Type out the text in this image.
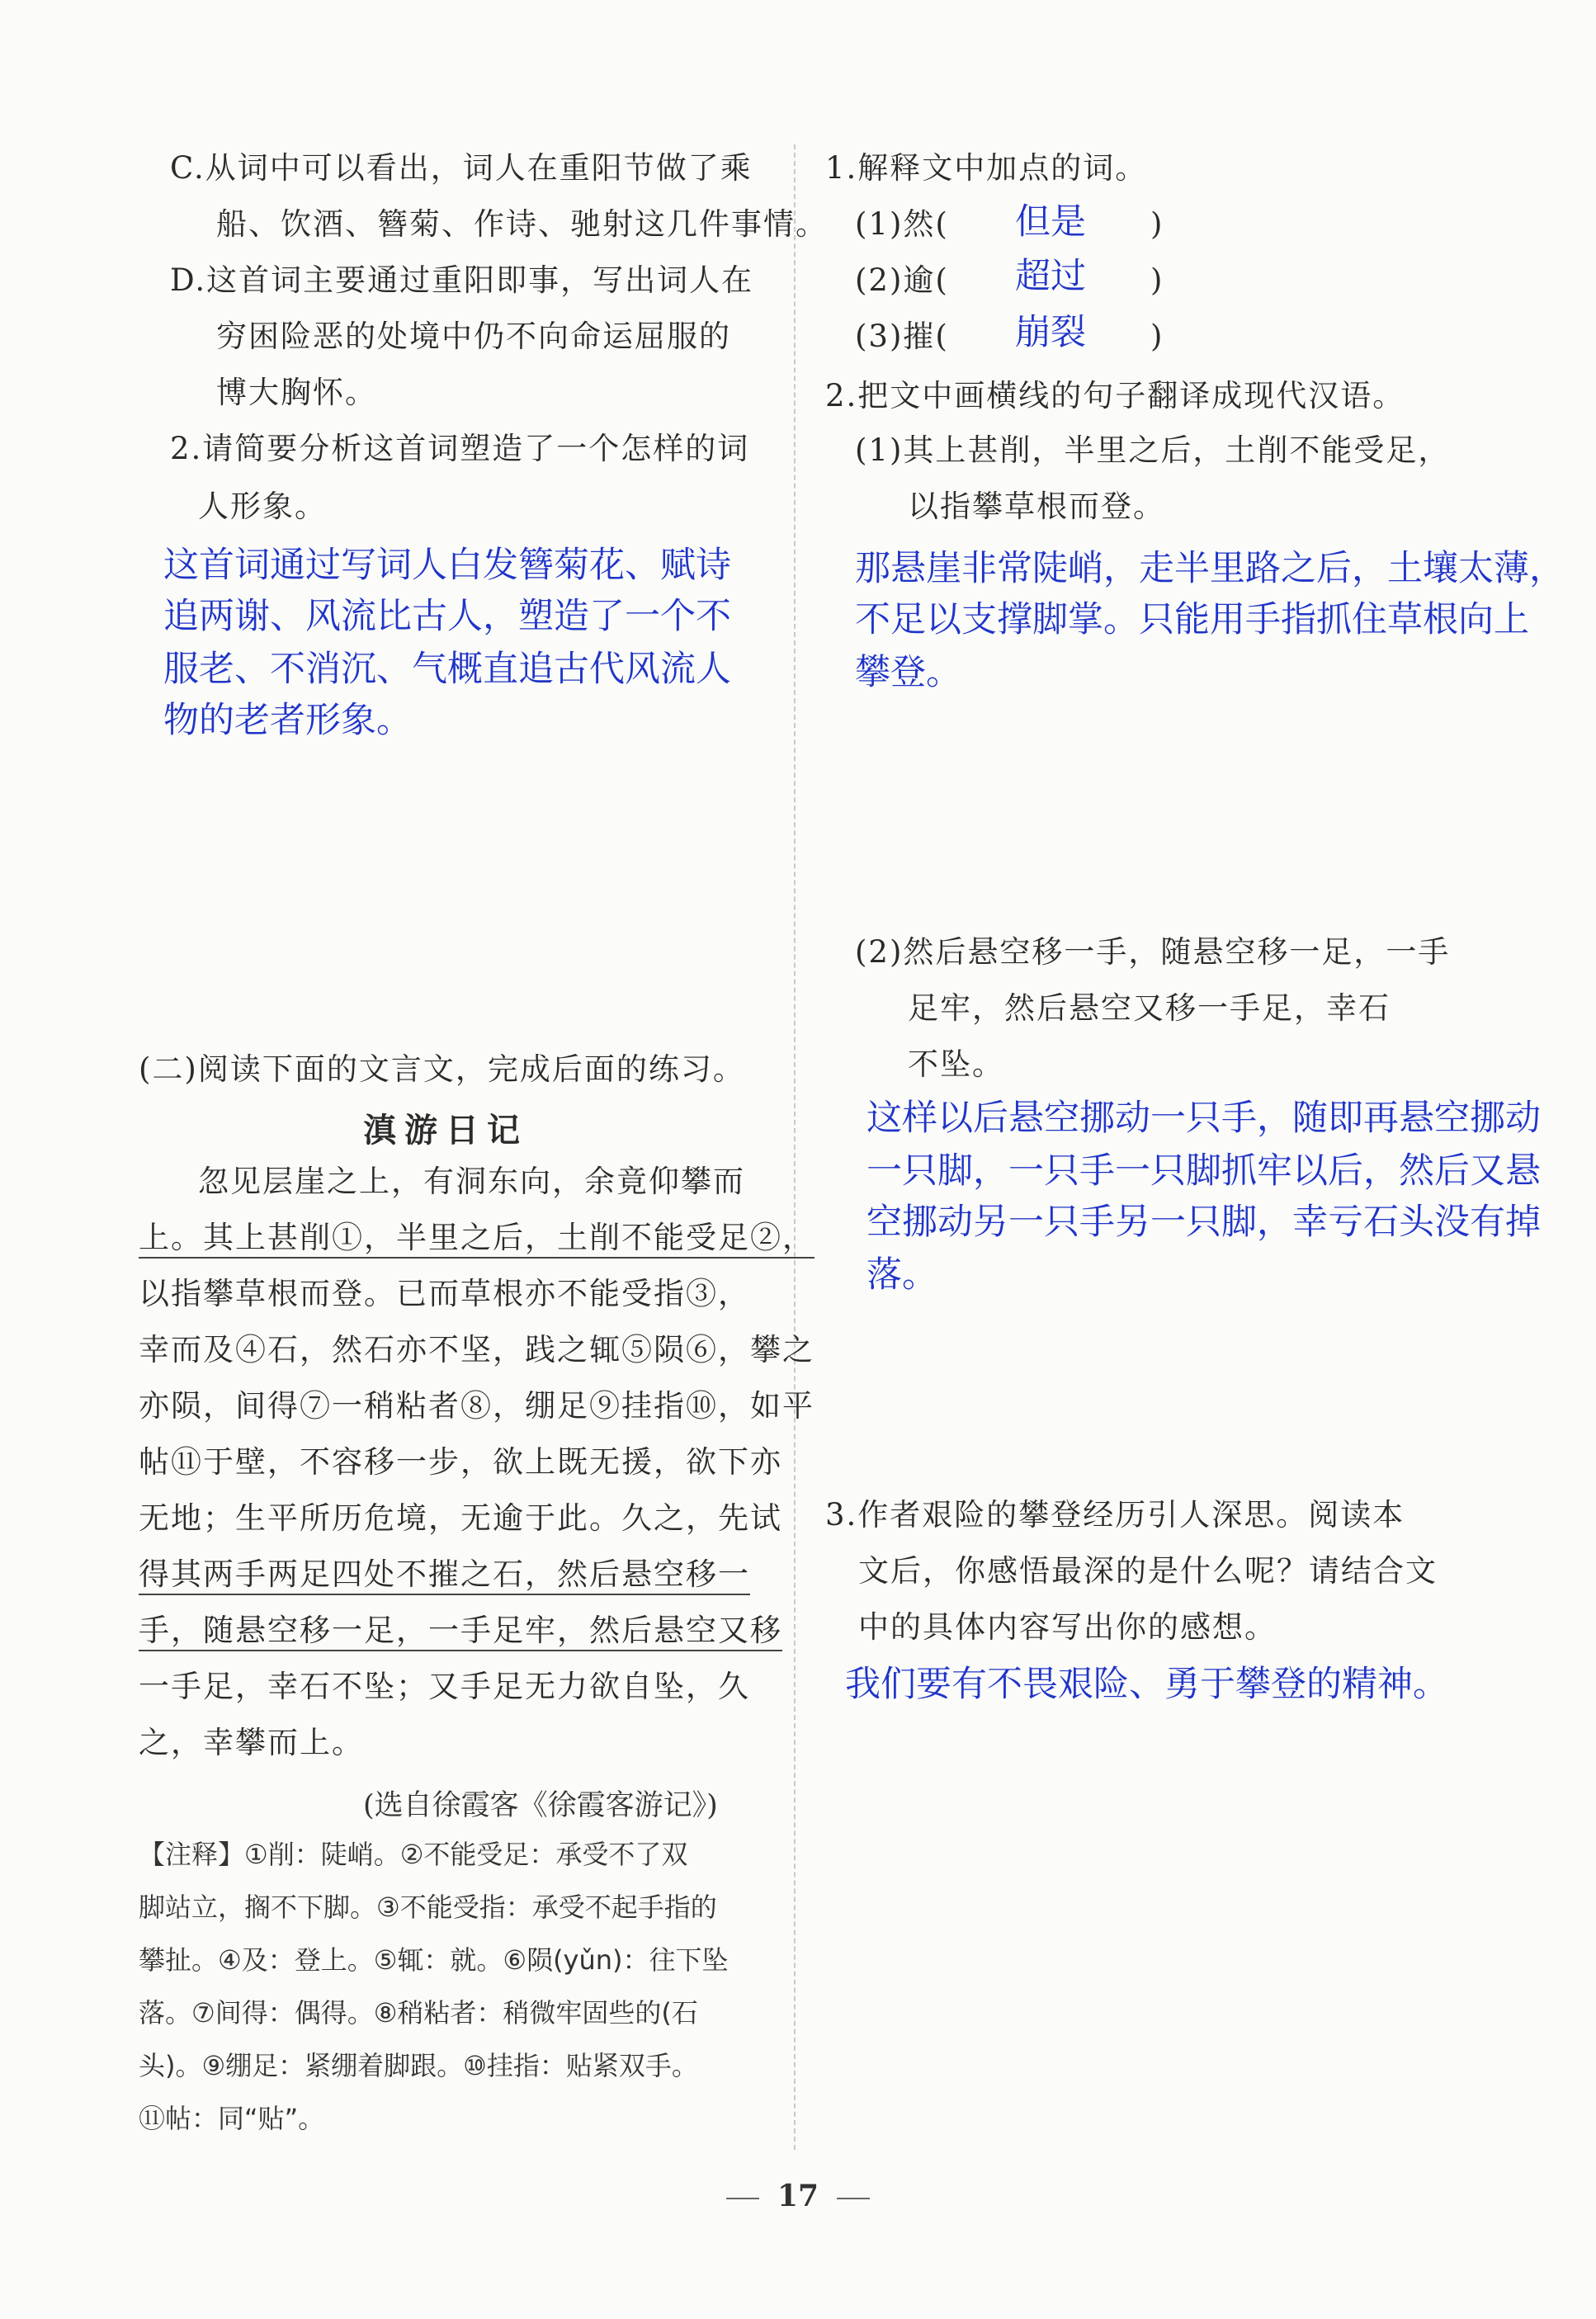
C.从词中可以看出，词人在重阳节做了乘
船、饮酒、簪菊、作诗、驰射这几件事情。
D.这首词主要通过重阳即事，写出词人在
穷困险恶的处境中仍不向命运屈服的
博大胸怀。
2.请简要分析这首词塑造了一个怎样的词
人形象。
这首词通过写词人白发簪菊花、赋诗
追两谢、风流比古人，塑造了一个不
服老、不消沉、气概直追古代风流人
物的老者形象。
(二)阅读下面的文言文，完成后面的练习。
滇游日记
忽见层崖之上，有洞东向，余竟仰攀而
上。其上甚削①，半里之后，土削不能受足②，
以指攀草根而登。已而草根亦不能受指③，
幸而及④石，然石亦不坚，践之辄⑤陨⑥，攀之
亦陨，间得⑦一稍粘者⑧，绷足⑨挂指⑩，如平
帖⑪于壁，不容移一步，欲上既无援，欲下亦
无地；生平所历危境，无逾于此。久之，先试
得其两手两足四处不摧之石，然后悬空移一
手，随悬空移一足，一手足牢，然后悬空又移
一手足，幸石不坠；又手足无力欲自坠，久
之，幸攀而上。
(选自徐霞客《徐霞客游记》)
【注释】①削：陡峭。②不能受足：承受不了双
脚站立，搁不下脚。③不能受指：承受不起手指的
攀扯。④及：登上。⑤辄：就。⑥陨(yǔn)：往下坠
落。⑦间得：偶得。⑧稍粘者：稍微牢固些的(石
头)。⑨绷足：紧绷着脚跟。⑩挂指：贴紧双手。
⑪帖：同“贴”。
1.解释文中加点的词。
(1)然( 但是 )
(2)逾( 超过 )
(3)摧( 崩裂 )
2.把文中画横线的句子翻译成现代汉语。
(1)其上甚削，半里之后，土削不能受足，
以指攀草根而登。
那悬崖非常陡峭，走半里路之后，土壤太薄，
不足以支撑脚掌。只能用手指抓住草根向上
攀登。
(2)然后悬空移一手，随悬空移一足，一手
足牢，然后悬空又移一手足，幸石
不坠。
这样以后悬空挪动一只手，随即再悬空挪动
一只脚，一只手一只脚抓牢以后，然后又悬
空挪动另一只手另一只脚，幸亏石头没有掉
落。
3.作者艰险的攀登经历引人深思。阅读本
文后，你感悟最深的是什么呢？请结合文
中的具体内容写出你的感想。
我们要有不畏艰险、勇于攀登的精神。
17
